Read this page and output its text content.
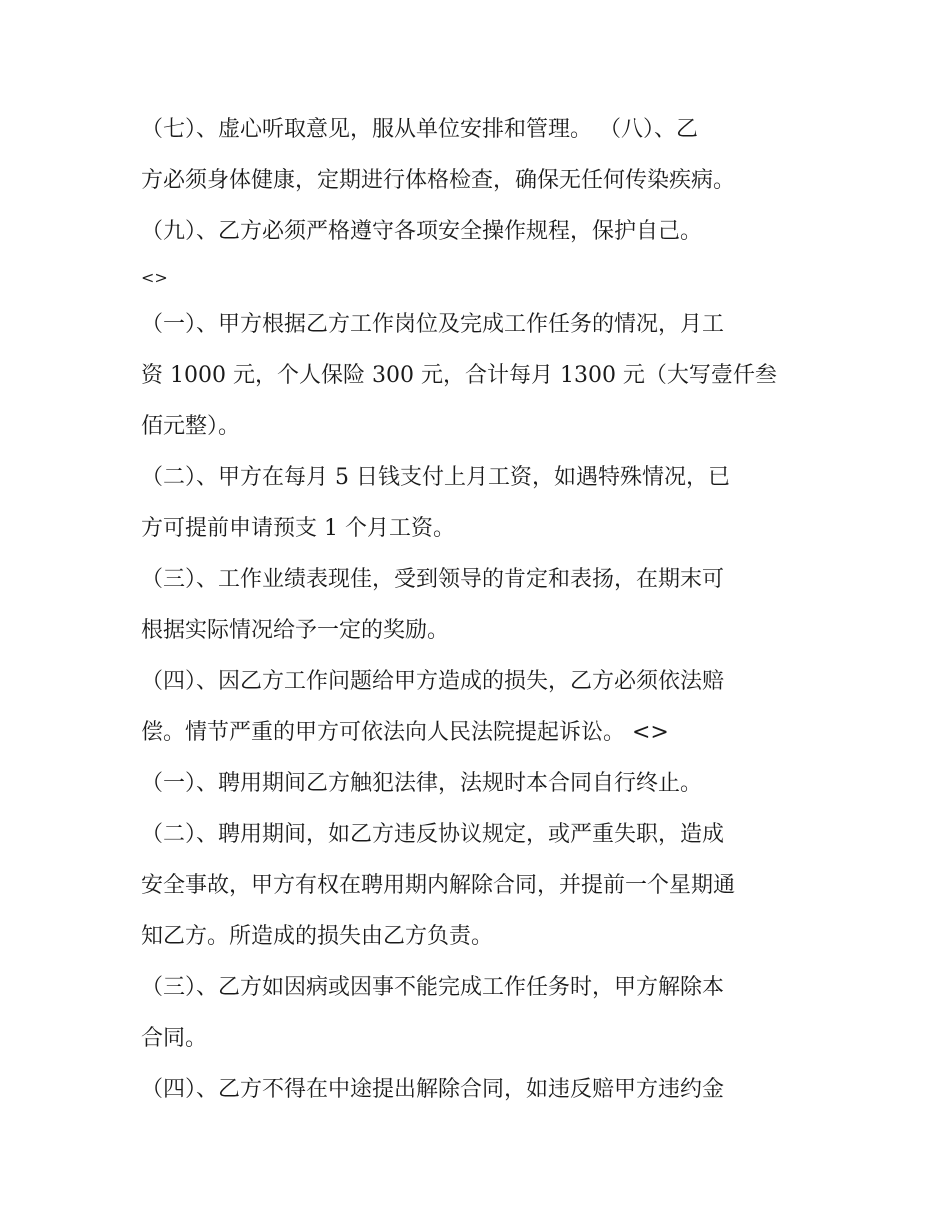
（七）、虚心听取意见，服从单位安排和管理。 （八）、乙

方必须身体健康，定期进行体格检查，确保无任何传染疾病。

（九）、乙方必须严格遵守各项安全操作规程，保护自己。

<>

（一）、甲方根据乙方工作岗位及完成工作任务的情况，月工

资 1000 元，个人保险 300 元，合计每月 1300 元（大写壹仟叁

佰元整）。

（二）、甲方在每月 5 日钱支付上月工资，如遇特殊情况，已

方可提前申请预支 1 个月工资。

（三）、工作业绩表现佳，受到领导的肯定和表扬，在期末可

根据实际情况给予一定的奖励。

（四）、因乙方工作问题给甲方造成的损失，乙方必须依法赔

偿。情节严重的甲方可依法向人民法院提起诉讼。 <>

（一）、聘用期间乙方触犯法律，法规时本合同自行终止。

（二）、聘用期间，如乙方违反协议规定，或严重失职，造成

安全事故，甲方有权在聘用期内解除合同，并提前一个星期通

知乙方。所造成的损失由乙方负责。

（三）、乙方如因病或因事不能完成工作任务时，甲方解除本

合同。

（四）、乙方不得在中途提出解除合同，如违反赔甲方违约金
